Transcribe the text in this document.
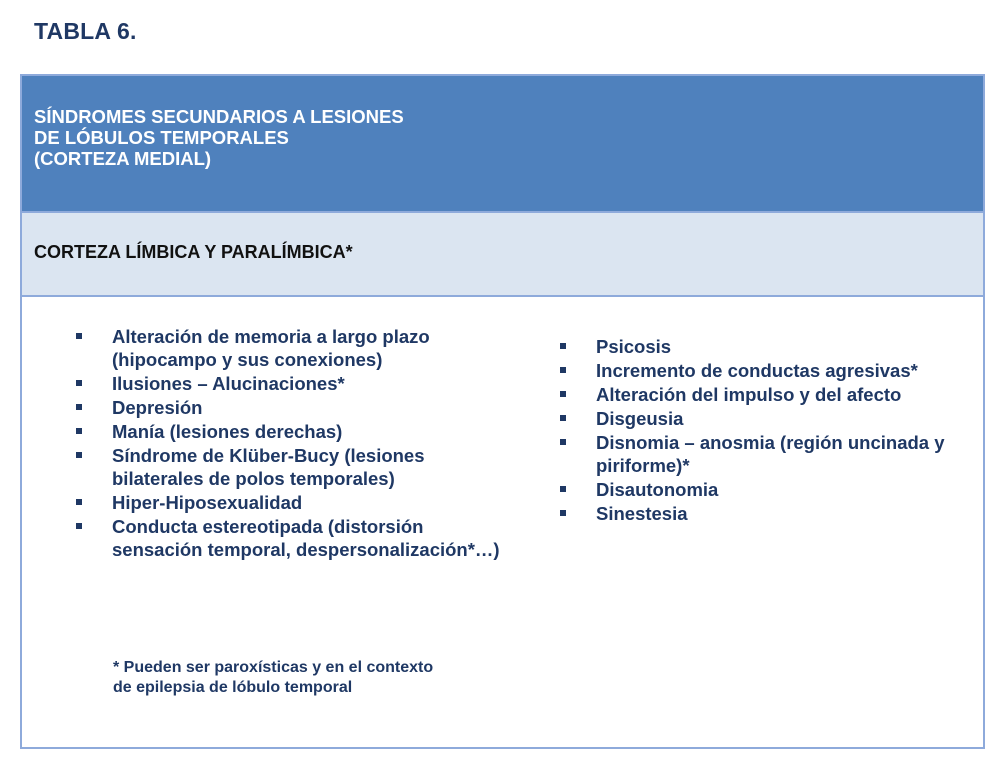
TABLA 6.

SÍNDROMES SECUNDARIOS A LESIONES
DE LÓBULOS TEMPORALES
(CORTEZA MEDIAL)

CORTEZA LÍMBICA Y PARALÍMBICA*
Alteración de memoria a largo plazo (hipocampo y sus conexiones)
Ilusiones – Alucinaciones*
Depresión
Manía (lesiones derechas)
Síndrome de Klüber-Bucy (lesiones bilaterales de polos temporales)
Hiper-Hiposexualidad
Conducta estereotipada (distorsión sensación temporal, despersonalización*…)

* Pueden ser paroxísticas y en el contexto de epilepsia de lóbulo temporal

Psicosis
Incremento de conductas agresivas*
Alteración del impulso y del afecto
Disgeusia
Disnomia – anosmia (región uncinada y piriforme)*
Disautonomia
Sinestesia
